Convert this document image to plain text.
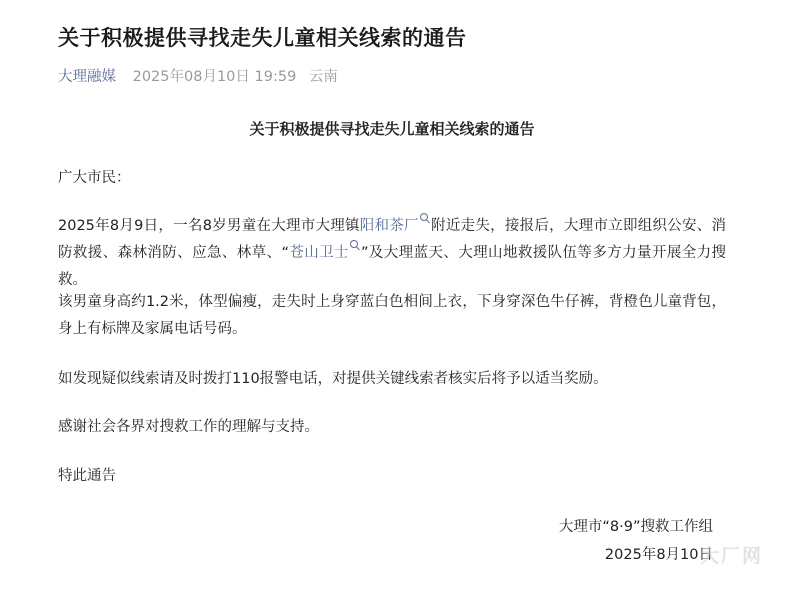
关于积极提供寻找走失儿童相关线索的通告
大理融媒 2025年08月10日 19:59 云南
关于积极提供寻找走失儿童相关线索的通告

广大市民：

2025年8月9日，一名8岁男童在大理市大理镇阳和茶厂 附近走失，接报后，大理市立即组织公安、消防救援、森林消防、应急、林草、“苍山卫士 ”及大理蓝天、大理山地救援队伍等多方力量开展全力搜救。

该男童身高约1.2米，体型偏瘦，走失时上身穿蓝白色相间上衣，下身穿深色牛仔裤，背橙色儿童背包，身上有标牌及家属电话号码。

如发现疑似线索请及时拨打110报警电话，对提供关键线索者核实后将予以适当奖励。

感谢社会各界对搜救工作的理解与支持。

特此通告

大理市“8·9”搜救工作组
2025年8月10日
大厂网
